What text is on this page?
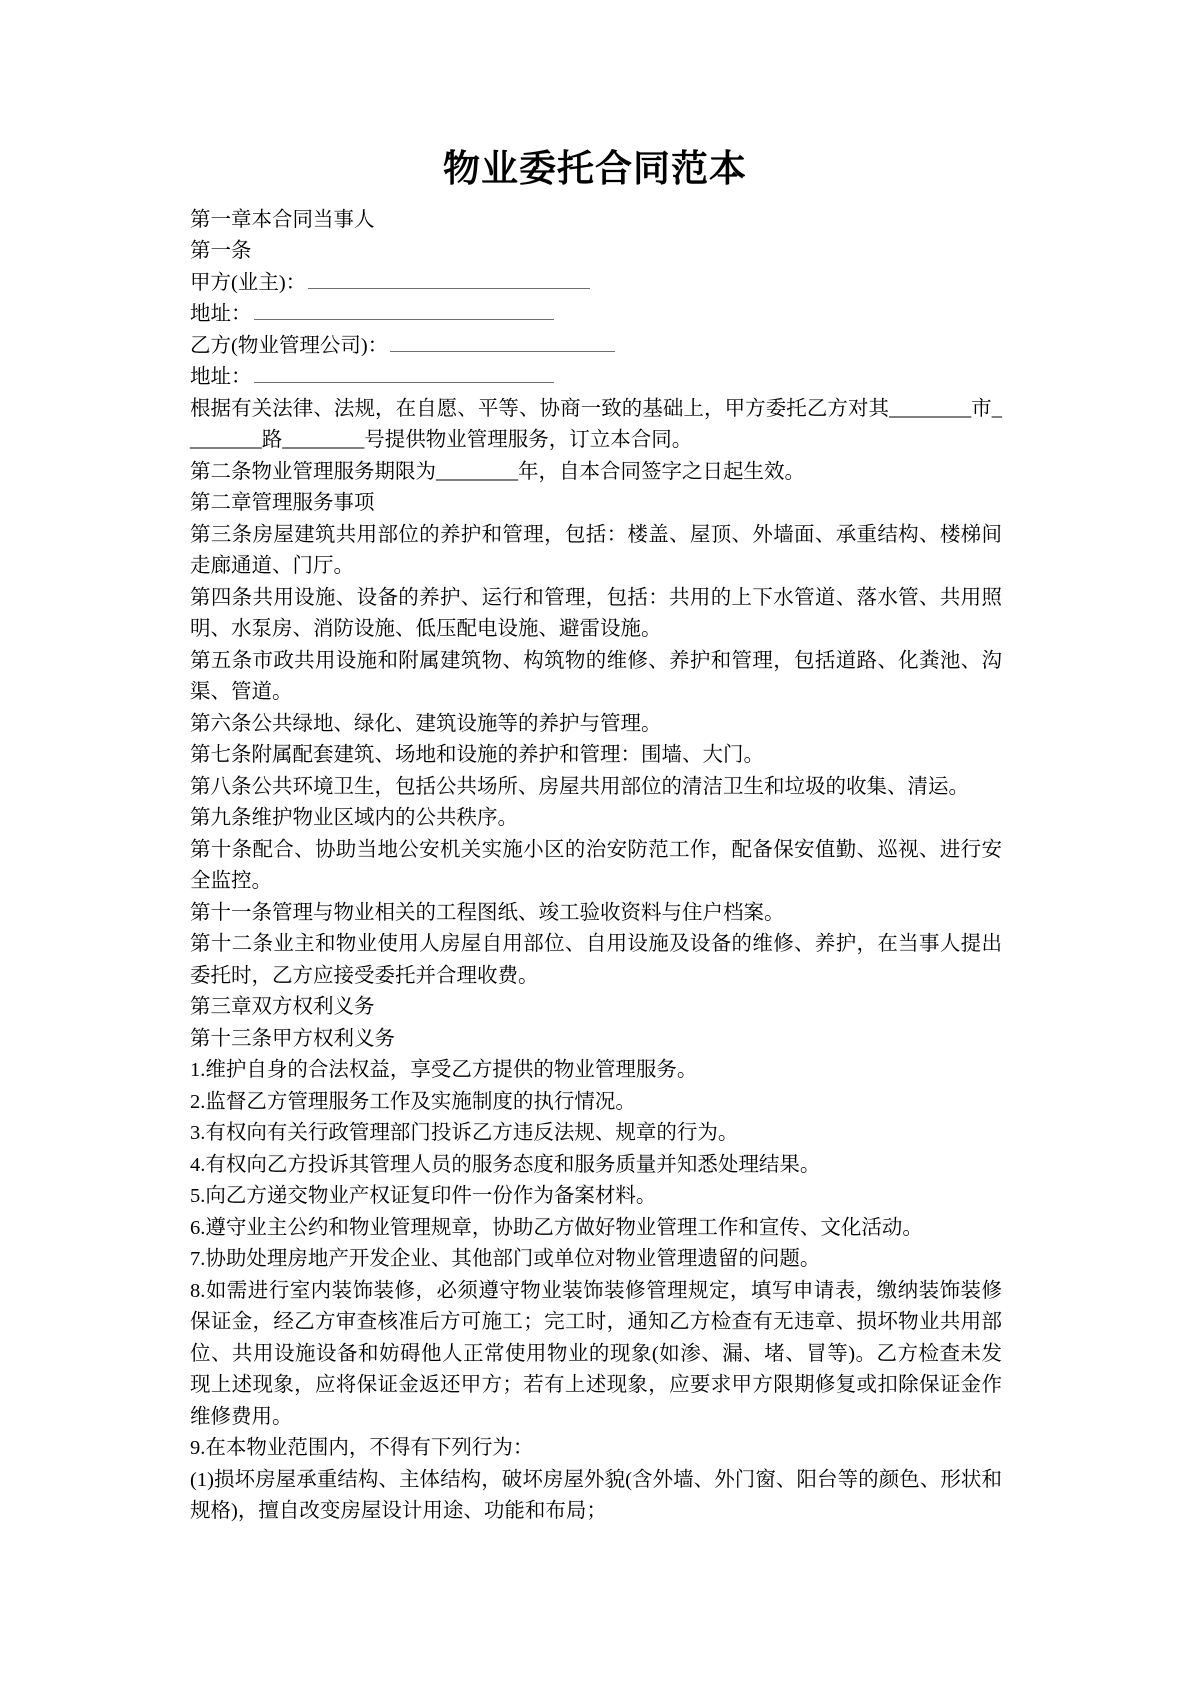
物业委托合同范本

第一章本合同当事人

第一条

甲方(业主)：

地址：

乙方(物业管理公司)：

地址：

根据有关法律、法规，在自愿、平等、协商一致的基础上，甲方委托乙方对其________市________路________号提供物业管理服务，订立本合同。

第二条物业管理服务期限为________年，自本合同签字之日起生效。

第二章管理服务事项

第三条房屋建筑共用部位的养护和管理，包括：楼盖、屋顶、外墙面、承重结构、楼梯间走廊通道、门厅。

第四条共用设施、设备的养护、运行和管理，包括：共用的上下水管道、落水管、共用照明、水泵房、消防设施、低压配电设施、避雷设施。

第五条市政共用设施和附属建筑物、构筑物的维修、养护和管理，包括道路、化粪池、沟渠、管道。

第六条公共绿地、绿化、建筑设施等的养护与管理。

第七条附属配套建筑、场地和设施的养护和管理：围墙、大门。

第八条公共环境卫生，包括公共场所、房屋共用部位的清洁卫生和垃圾的收集、清运。

第九条维护物业区域内的公共秩序。

第十条配合、协助当地公安机关实施小区的治安防范工作，配备保安值勤、巡视、进行安全监控。

第十一条管理与物业相关的工程图纸、竣工验收资料与住户档案。

第十二条业主和物业使用人房屋自用部位、自用设施及设备的维修、养护，在当事人提出委托时，乙方应接受委托并合理收费。

第三章双方权利义务

第十三条甲方权利义务

1.维护自身的合法权益，享受乙方提供的物业管理服务。

2.监督乙方管理服务工作及实施制度的执行情况。

3.有权向有关行政管理部门投诉乙方违反法规、规章的行为。

4.有权向乙方投诉其管理人员的服务态度和服务质量并知悉处理结果。

5.向乙方递交物业产权证复印件一份作为备案材料。

6.遵守业主公约和物业管理规章，协助乙方做好物业管理工作和宣传、文化活动。

7.协助处理房地产开发企业、其他部门或单位对物业管理遗留的问题。

8.如需进行室内装饰装修，必须遵守物业装饰装修管理规定，填写申请表，缴纳装饰装修保证金，经乙方审查核准后方可施工；完工时，通知乙方检查有无违章、损坏物业共用部位、共用设施设备和妨碍他人正常使用物业的现象(如渗、漏、堵、冒等)。乙方检查未发现上述现象，应将保证金返还甲方；若有上述现象，应要求甲方限期修复或扣除保证金作维修费用。

9.在本物业范围内，不得有下列行为：

(1)损坏房屋承重结构、主体结构，破坏房屋外貌(含外墙、外门窗、阳台等的颜色、形状和规格)，擅自改变房屋设计用途、功能和布局；
